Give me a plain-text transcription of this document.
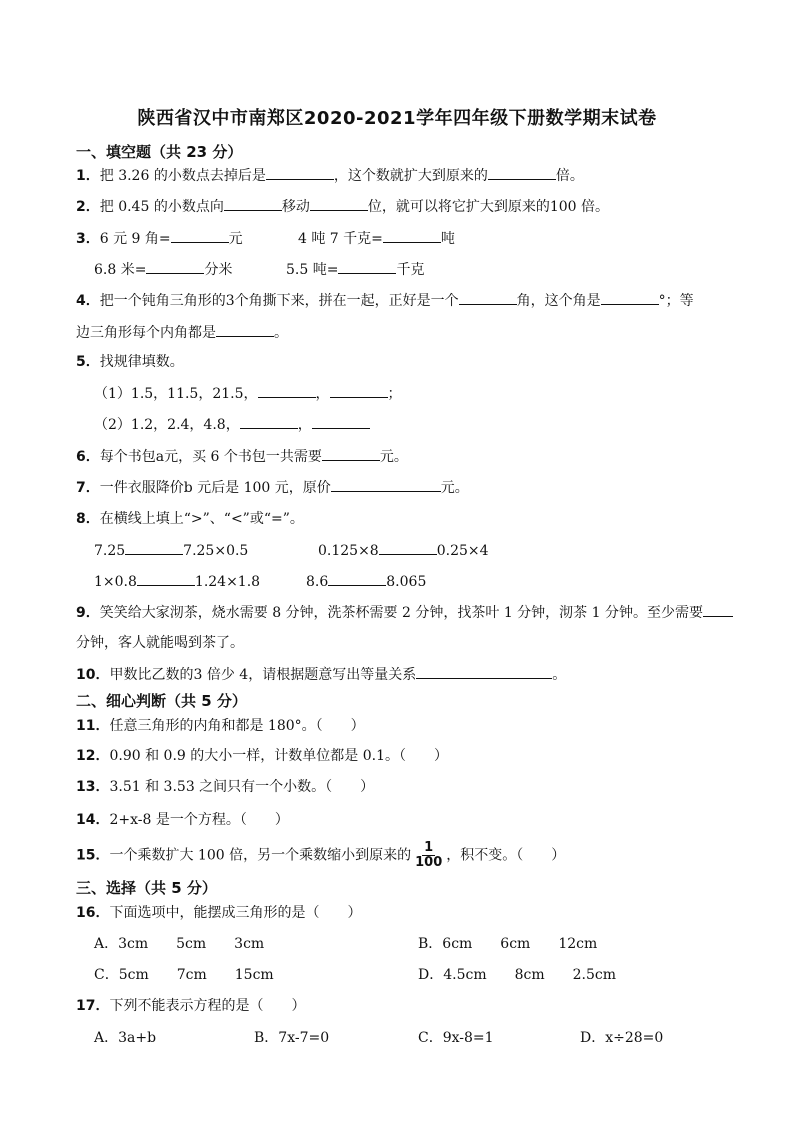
陕西省汉中市南郑区2020-2021学年四年级下册数学期末试卷
一、填空题（共 23 分）
1．把 3.26 的小数点去掉后是	，这个数就扩大到原来的	倍。
2．把 0.45 的小数点向	移动	位，就可以将它扩大到原来的100 倍。
3．6 元 9 角=	元	4 吨 7 千克=	吨
6.8 米=	分米	5.5 吨=	千克
4．把一个钝角三角形的3个角撕下来，拼在一起，正好是一个	角，这个角是	°；等
边三角形每个内角都是	。
5．找规律填数。
（1）1.5，11.5，21.5，	，	；
（2）1.2，2.4，4.8，	，
6．每个书包a元，买 6 个书包一共需要	元。
7．一件衣服降价b 元后是 100 元，原价	元。
8．在横线上填上“>”、“<”或“=”。
7.25	7.25×0.5	0.125×8	0.25×4
1×0.8	1.24×1.8	8.6	8.065
9．笑笑给大家沏茶，烧水需要 8 分钟，洗茶杯需要 2 分钟，找茶叶 1 分钟，沏茶 1 分钟。至少需要
分钟，客人就能喝到茶了。
10．甲数比乙数的3 倍少 4，请根据题意写出等量关系	。
二、细心判断（共 5 分）
11．任意三角形的内角和都是 180°。（　　）
12．0.90 和 0.9 的大小一样，计数单位都是 0.1。（　　）
13．3.51 和 3.53 之间只有一个小数。（　　）
14．2+x-8 是一个方程。（　　）
15．一个乘数扩大 100 倍，另一个乘数缩小到原来的 $\frac{1}{100}$ ，积不变。（　　）
三、选择（共 5 分）
16．下面选项中，能摆成三角形的是（　　）
A．3cm　　5cm　　3cm	B．6cm　　6cm　　12cm
C．5cm　　7cm　　15cm	D．4.5cm　　8cm　　2.5cm
17．下列不能表示方程的是（　　）
A．3a+b	B．7x-7=0	C．9x-8=1	D．x÷28=0
